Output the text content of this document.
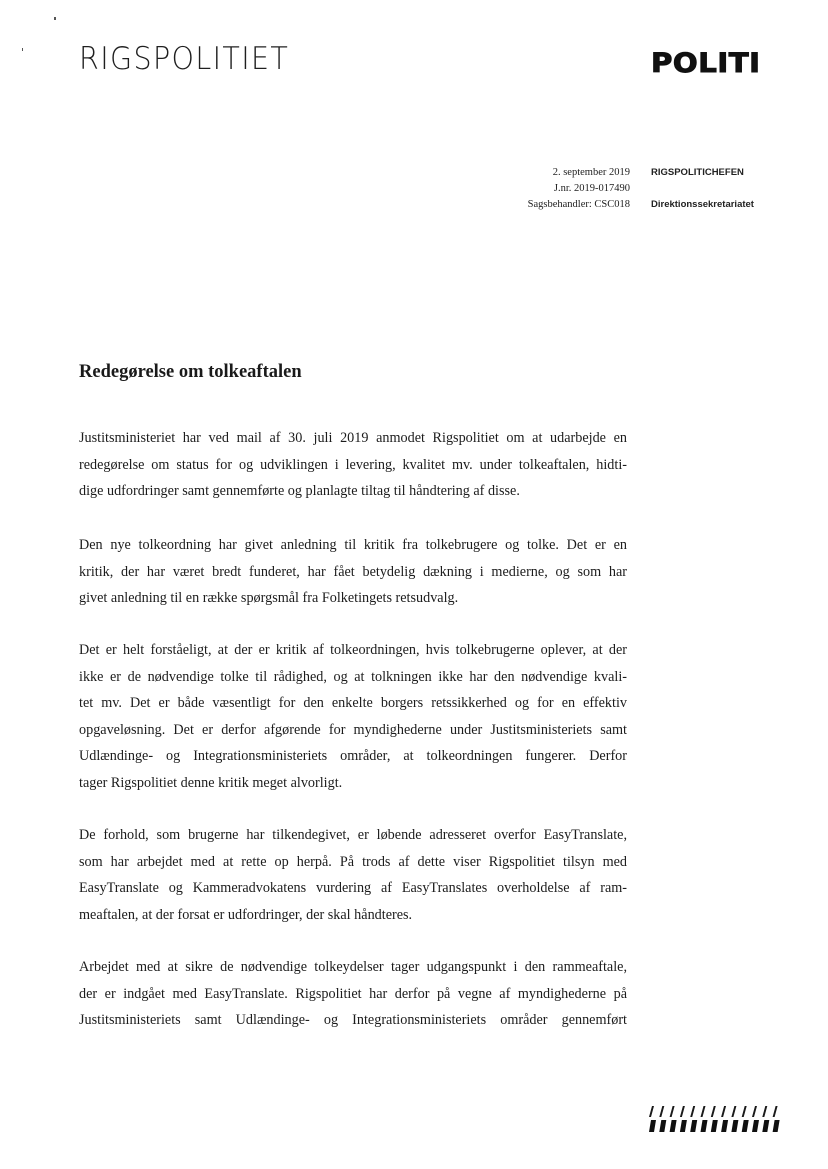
RIGSPOLITIET	POLITI
2. september 2019
J.nr. 2019-017490
Sagsbehandler: CSC018
RIGSPOLITICHEFEN
Direktionssekretariatet
Redegørelse om tolkeaftalen
Justitsministeriet har ved mail af 30. juli 2019 anmodet Rigspolitiet om at udarbejde en
redegørelse om status for og udviklingen i levering, kvalitet mv. under tolkeaftalen, hidti-
dige udfordringer samt gennemførte og planlagte tiltag til håndtering af disse.
Den nye tolkeordning har givet anledning til kritik fra tolkebrugere og tolke. Det er en
kritik, der har været bredt funderet, har fået betydelig dækning i medierne, og som har
givet anledning til en række spørgsmål fra Folketingets retsudvalg.
Det er helt forståeligt, at der er kritik af tolkeordningen, hvis tolkebrugerne oplever, at der
ikke er de nødvendige tolke til rådighed, og at tolkningen ikke har den nødvendige kvali-
tet mv. Det er både væsentligt for den enkelte borgers retssikkerhed og for en effektiv
opgaveløsning. Det er derfor afgørende for myndighederne under Justitsministeriets samt
Udlændinge- og Integrationsministeriets områder, at tolkeordningen fungerer. Derfor
tager Rigspolitiet denne kritik meget alvorligt.
De forhold, som brugerne har tilkendegivet, er løbende adresseret overfor EasyTranslate,
som har arbejdet med at rette op herpå. På trods af dette viser Rigspolitiet tilsyn med
EasyTranslate og Kammeradvokatens vurdering af EasyTranslates overholdelse af ram-
meaftalen, at der forsat er udfordringer, der skal håndteres.
Arbejdet med at sikre de nødvendige tolkeydelser tager udgangspunkt i den rammeaftale,
der er indgået med EasyTranslate. Rigspolitiet har derfor på vegne af myndighederne på
Justitsministeriets samt Udlændinge- og Integrationsministeriets områder gennemført
